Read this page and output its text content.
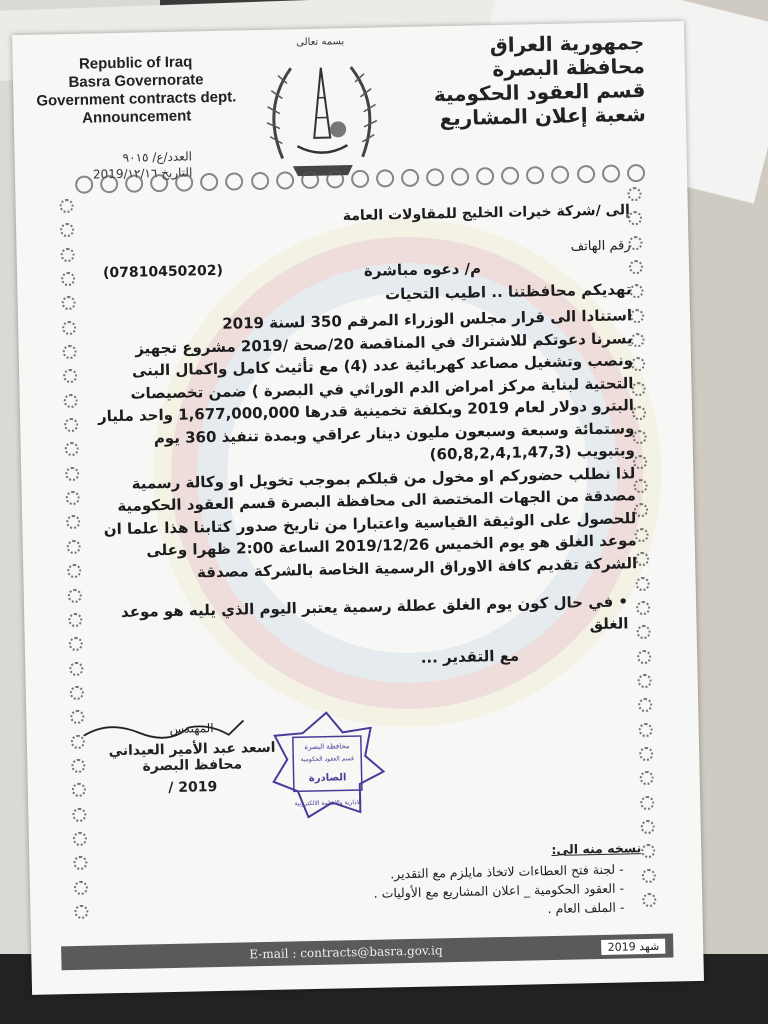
Republic of Iraq
Basra Governorate
Government contracts dept.
Announcement
بسمه تعالى	جمهورية العراق
محافظة البصرة
قسم العقود الحكومية
شعبة إعلان المشاريع
العدد/ع/ ٩٠١٥
التاريخ 2019/١٢/١٦
إلى /شركة خيرات الخليج للمقاولات العامة
رقم الهاتف
(07810450202)	م/ دعوه مباشرة
تهديكم محافظتنا .. اطيب التحيات

استنادا الى قرار مجلس الوزراء المرقم 350 لسنة 2019

يسرنا دعوتكم للاشتراك في المناقصة 20/صحة /2019 مشروع تجهيز ونصب وتشغيل مصاعد كهربائية عدد (4) مع تأثيث كامل واكمال البنى التحتية لبناية مركز امراض الدم الوراثي في البصرة ) ضمن تخصيصات البترو دولار لعام 2019 وبكلفة تخمينية قدرها 1,677,000,000 واحد مليار وستمائة وسبعة وسبعون مليون دينار عراقي وبمدة تنفيذ 360 يوم وبتبويب (60,8,2,4,1,47,3)

لذا نطلب حضوركم او مخول من قبلكم بموجب تخويل او وكالة رسمية مصدقة من الجهات المختصة الى محافظة البصرة قسم العقود الحكومية للحصول على الوثيقة القياسية واعتبارا من تاريخ صدور كتابنا هذا علما ان موعد الغلق هو يوم الخميس 2019/12/26 الساعة 2:00 ظهرا وعلى الشركة تقديم كافة الاوراق الرسمية الخاصة بالشركة مصدقة

• في حال كون يوم الغلق عطلة رسمية يعتبر اليوم الذي يليه هو موعد الغلق
مع التقدير ...
المهندس
اسعد عبد الأمير العيداني
محافظ البصرة
2019 /
محافظة البصرة
قسم العقود الحكومية
الصادرة
الادارية والانظمة الالكترونية
نسخه منه الى:
- لجنة فتح العطاءات لاتخاذ مايلزم مع التقدير.
- العقود الحكومية _ اعلان المشاريع مع الأوليات .
- الملف العام .
E-mail : contracts@basra.gov.iq	شهد 2019
